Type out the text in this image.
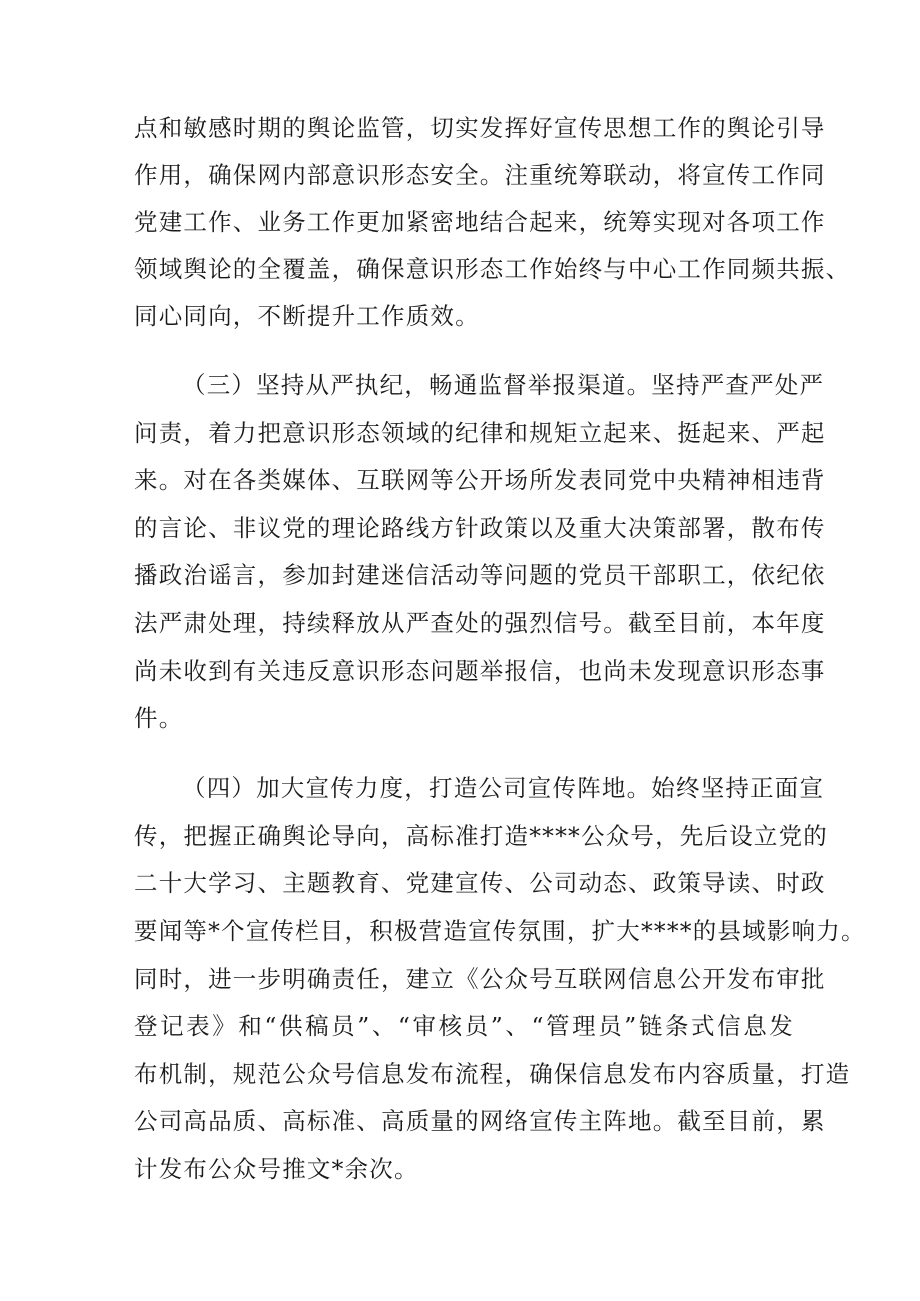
点和敏感时期的舆论监管，切实发挥好宣传思想工作的舆论引导
作用，确保网内部意识形态安全。注重统筹联动，将宣传工作同
党建工作、业务工作更加紧密地结合起来，统筹实现对各项工作
领域舆论的全覆盖，确保意识形态工作始终与中心工作同频共振、
同心同向，不断提升工作质效。
（三）坚持从严执纪，畅通监督举报渠道。坚持严查严处严
问责，着力把意识形态领域的纪律和规矩立起来、挺起来、严起
来。对在各类媒体、互联网等公开场所发表同党中央精神相违背
的言论、非议党的理论路线方针政策以及重大决策部署，散布传
播政治谣言，参加封建迷信活动等问题的党员干部职工，依纪依
法严肃处理，持续释放从严查处的强烈信号。截至目前，本年度
尚未收到有关违反意识形态问题举报信，也尚未发现意识形态事
件。
（四）加大宣传力度，打造公司宣传阵地。始终坚持正面宣
传，把握正确舆论导向，高标准打造****公众号，先后设立党的
二十大学习、主题教育、党建宣传、公司动态、政策导读、时政
要闻等*个宣传栏目，积极营造宣传氛围，扩大****的县域影响力。
同时，进一步明确责任，建立《公众号互联网信息公开发布审批
登记表》和“供稿员”、“审核员”、“管理员”链条式信息发
布机制，规范公众号信息发布流程，确保信息发布内容质量，打造
公司高品质、高标准、高质量的网络宣传主阵地。截至目前，累
计发布公众号推文*余次。
